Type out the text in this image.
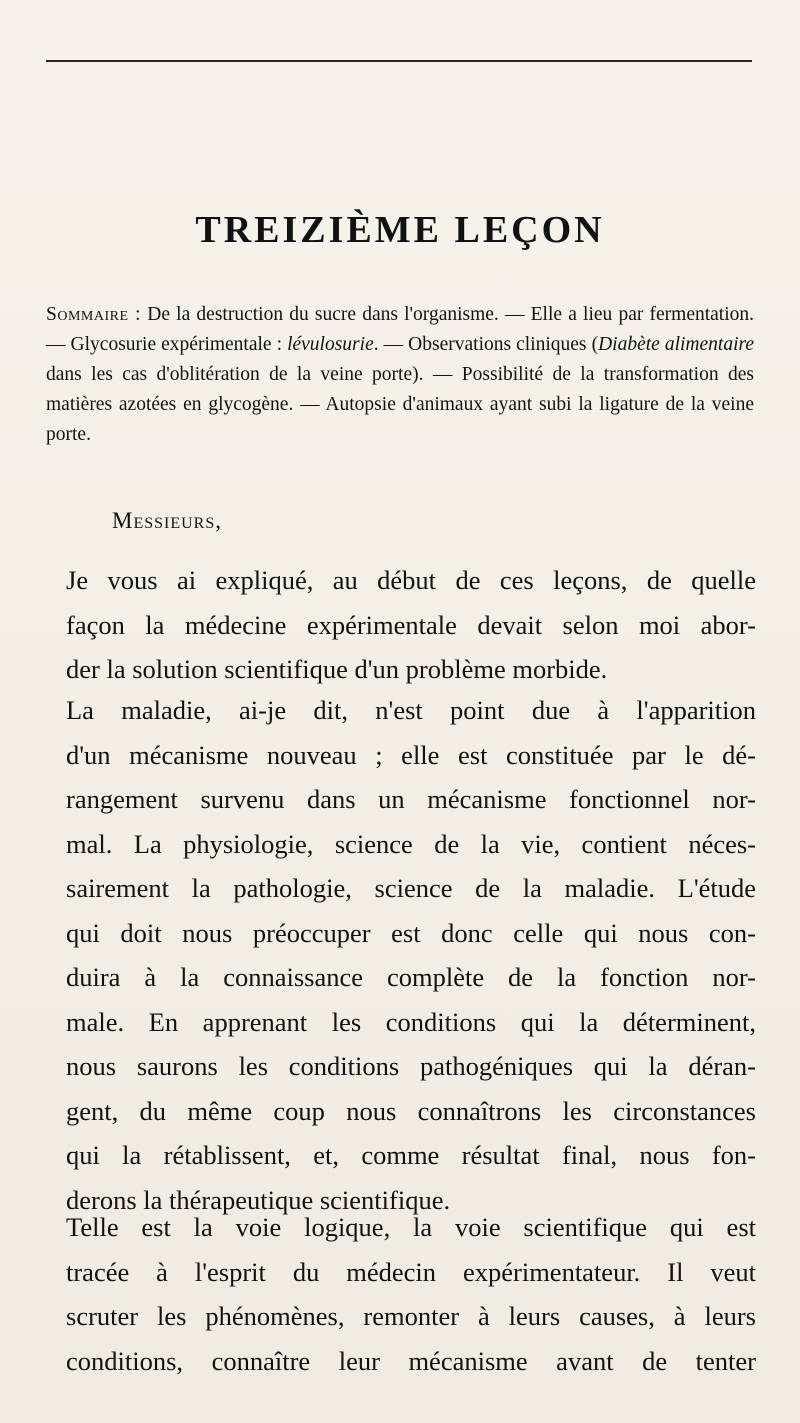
TREIZIÈME LEÇON
Sommaire : De la destruction du sucre dans l'organisme. — Elle a lieu par fermentation. — Glycosurie expérimentale : lévulosurie. — Observations cliniques (Diabète alimentaire dans les cas d'oblitération de la veine porte). — Possibilité de la transformation des matières azotées en glycogène. — Autopsie d'animaux ayant subi la ligature de la veine porte.
Messieurs,
Je vous ai expliqué, au début de ces leçons, de quelle
façon la médecine expérimentale devait selon moi abor-
der la solution scientifique d'un problème morbide.
La maladie, ai-je dit, n'est point due à l'apparition
d'un mécanisme nouveau ; elle est constituée par le dé-
rangement survenu dans un mécanisme fonctionnel nor-
mal. La physiologie, science de la vie, contient néces-
sairement la pathologie, science de la maladie. L'étude
qui doit nous préoccuper est donc celle qui nous con-
duira à la connaissance complète de la fonction nor-
male. En apprenant les conditions qui la déterminent,
nous saurons les conditions pathogéniques qui la déran-
gent, du même coup nous connaîtrons les circonstances
qui la rétablissent, et, comme résultat final, nous fon-
derons la thérapeutique scientifique.
Telle est la voie logique, la voie scientifique qui est
tracée à l'esprit du médecin expérimentateur. Il veut
scruter les phénomènes, remonter à leurs causes, à leurs
conditions, connaître leur mécanisme avant de tenter
